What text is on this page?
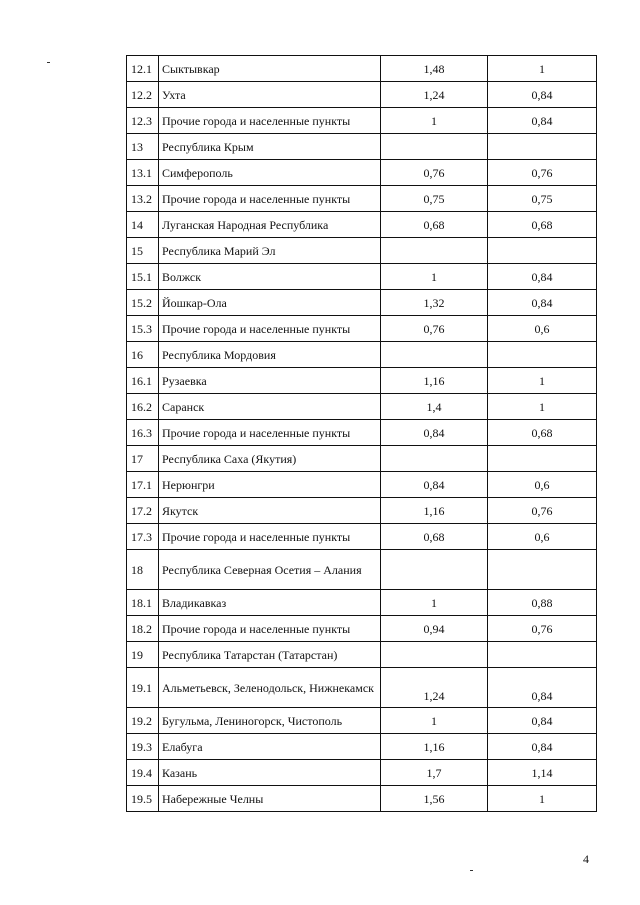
12.1	Сыктывкар	1,48	1
12.2	Ухта	1,24	0,84
12.3	Прочие города и населенные пункты	1	0,84
13	Республика Крым		
13.1	Симферополь	0,76	0,76
13.2	Прочие города и населенные пункты	0,75	0,75
14	Луганская Народная Республика	0,68	0,68
15	Республика Марий Эл		
15.1	Волжск	1	0,84
15.2	Йошкар-Ола	1,32	0,84
15.3	Прочие города и населенные пункты	0,76	0,6
16	Республика Мордовия		
16.1	Рузаевка	1,16	1
16.2	Саранск	1,4	1
16.3	Прочие города и населенные пункты	0,84	0,68
17	Республика Саха (Якутия)		
17.1	Нерюнгри	0,84	0,6
17.2	Якутск	1,16	0,76
17.3	Прочие города и населенные пункты	0,68	0,6
18	Республика Северная Осетия – Алания		
18.1	Владикавказ	1	0,88
18.2	Прочие города и населенные пункты	0,94	0,76
19	Республика Татарстан (Татарстан)		
19.1	Альметьевск, Зеленодольск, Нижнекамск	1,24	0,84
19.2	Бугульма, Лениногорск, Чистополь	1	0,84
19.3	Елабуга	1,16	0,84
19.4	Казань	1,7	1,14
19.5	Набережные Челны	1,56	1
4
